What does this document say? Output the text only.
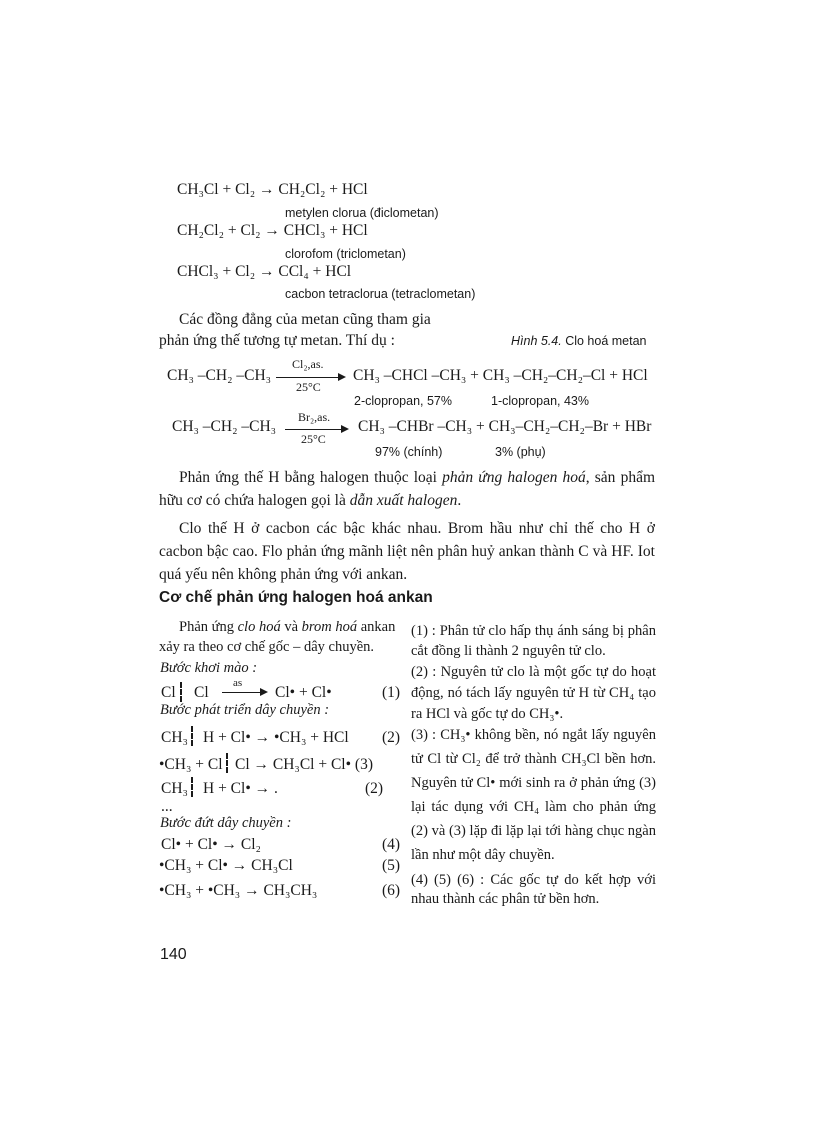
CH₃Cl + Cl₂ → CH₂Cl₂ + HCl
metylen clorua (điclometan)
CH₂Cl₂ + Cl₂ → CHCl₃ + HCl
clorofom (triclometan)
CHCl₃ + Cl₂ → CCl₄ + HCl
cacbon tetraclorua (tetraclometan)
Các đồng đẳng của metan cũng tham gia
phản ứng thế tương tự metan. Thí dụ :	Hình 5.4. Clo hoá metan
CH₃ –CH₂ –CH₃
Cl₂,as.
25°C
CH₃ –CHCl –CH₃ + CH₃ –CH₂–CH₂–Cl + HCl
2-clopropan, 57%	1-clopropan, 43%
CH₃ –CH₂ –CH₃
Br₂,as.
25°C
CH₃ –CHBr –CH₃ + CH₃–CH₂–CH₂–Br + HBr
97% (chính)	3% (phụ)
Phản ứng thế H bằng halogen thuộc loại phản ứng halogen hoá, sản phẩm hữu cơ có chứa halogen gọi là dẫn xuất halogen.
Clo thế H ở cacbon các bậc khác nhau. Brom hầu như chỉ thế cho H ở cacbon bậc cao. Flo phản ứng mãnh liệt nên phân huỷ ankan thành C và HF. Iot quá yếu nên không phản ứng với ankan.
Cơ chế phản ứng halogen hoá ankan
Phản ứng clo hoá và brom hoá ankan xảy ra theo cơ chế gốc – dây chuyền.
Bước khơi mào :
Cl Cl
as
Cl• + Cl•	(1)
Bước phát triển dây chuyền :
CH₃ H + Cl• → •CH₃ + HCl (2)
•CH₃ + Cl Cl → CH₃Cl + Cl• (3)
CH₃ H + Cl• → .	(2)
...
Bước đứt dây chuyền :
Cl• + Cl• → Cl₂	(4)
•CH₃ + Cl• → CH₃Cl	(5)
•CH₃ + •CH₃ → CH₃CH₃	(6)
(1) : Phân tử clo hấp thụ ánh sáng bị phân cắt đồng li thành 2 nguyên tử clo.
(2) : Nguyên tử clo là một gốc tự do hoạt động, nó tách lấy nguyên tử H từ CH₄ tạo ra HCl và gốc tự do CH₃•.
(3) : CH₃• không bền, nó ngắt lấy nguyên tử Cl từ Cl₂ để trở thành CH₃Cl bền hơn. Nguyên tử Cl• mới sinh ra ở phản ứng (3) lại tác dụng với CH₄ làm cho phản ứng (2) và (3) lặp đi lặp lại tới hàng chục ngàn lần như một dây chuyền.
(4) (5) (6) : Các gốc tự do kết hợp với nhau thành các phân tử bền hơn.
140
